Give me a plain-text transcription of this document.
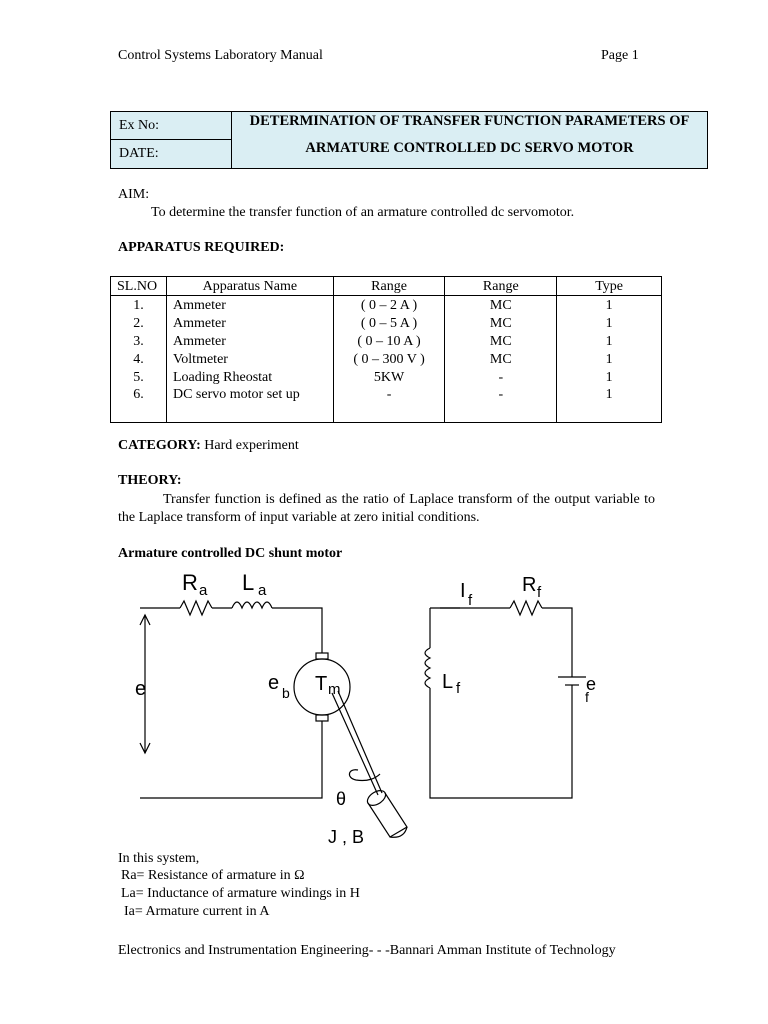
Control Systems Laboratory Manual	Page 1
Ex No:
DATE:
DETERMINATION OF TRANSFER FUNCTION PARAMETERS OF
ARMATURE CONTROLLED DC SERVO MOTOR
AIM:
To determine the transfer function of an armature controlled dc servomotor.
APPARATUS REQUIRED:
SL.NO	Apparatus Name	Range	Range	Type
1.	Ammeter	( 0 – 2 A )	MC	1
2.	Ammeter	( 0 – 5 A )	MC	1
3.	Ammeter	( 0 – 10 A )	MC	1
4.	Voltmeter	( 0 – 300 V )	MC	1
5.	Loading Rheostat	5KW	-	1
6.	DC servo motor set up	-	-	1
CATEGORY: Hard experiment
THEORY:
Transfer function is defined as the ratio of Laplace transform of the output variable to the Laplace transform of input variable at zero initial conditions.
Armature controlled DC shunt motor
R a L a
e	e b T m
θ
J , B
I f
R f
L f	e
f
In this system,
Ra= Resistance of armature in Ω
La= Inductance of armature windings in H
Ia= Armature current in A
Electronics and Instrumentation Engineering- - -Bannari Amman Institute of Technology
